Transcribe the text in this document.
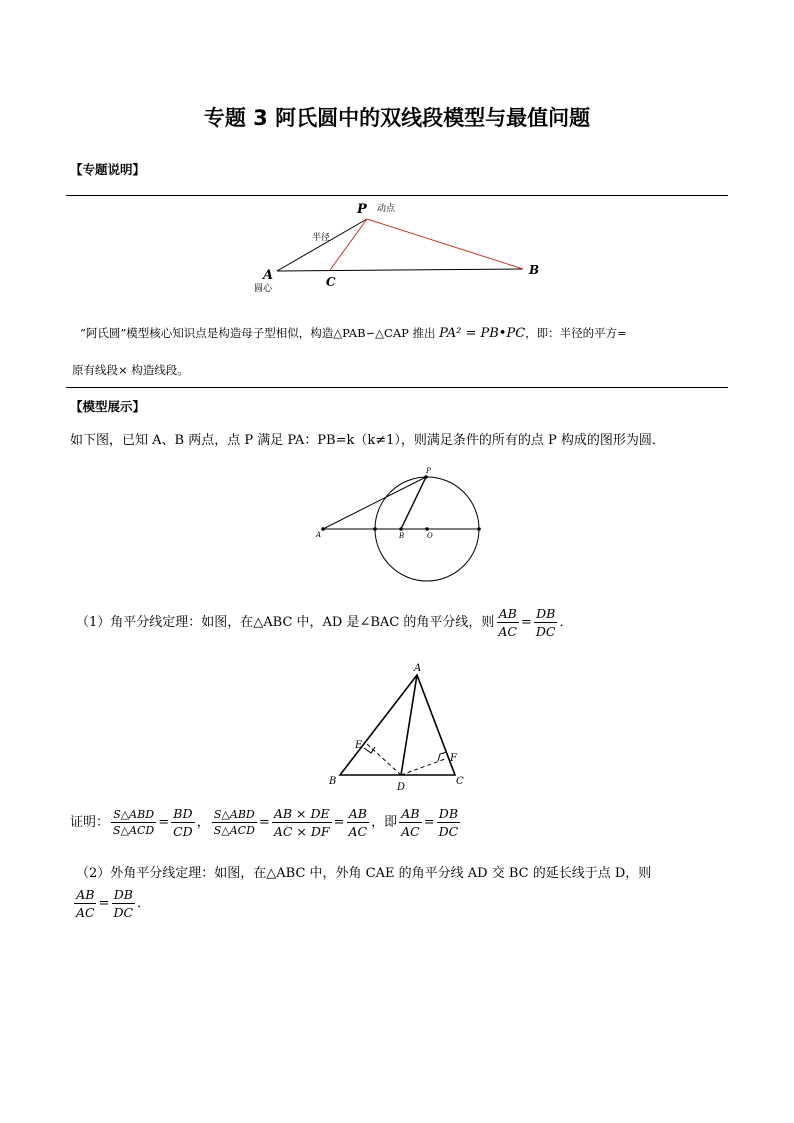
专题 3 阿氏圆中的双线段模型与最值问题
【专题说明】
P 动点
半径
A
圆心
B
C
“阿氏圆”模型核心知识点是构造母子型相似，构造△PAB∽△CAP 推出 PA² = PB•PC，即：半径的平方=
原有线段× 构造线段。
【模型展示】
如下图，已知 A、B 两点，点 P 满足 PA：PB=k（k≠1），则满足条件的所有的点 P 构成的图形为圆．
P
A	B	O
（1）角平分线定理：如图，在△ABC 中，AD 是∠BAC 的角平分线，则 $\frac{AB}{AC} = \frac{DB}{DC}$ ．
A
B	C
D
E
F
证明： $\frac{\text{S△ABD}}{\text{S△ACD}} = \frac{BD}{CD}$ ， $\frac{\text{S△ABD}}{\text{S△ACD}} = \frac{AB \times DE}{AC \times DF} = \frac{AB}{AC}$ ，即 $\frac{AB}{AC} = \frac{DB}{DC}$
（2）外角平分线定理：如图，在△ABC 中，外角 CAE 的角平分线 AD 交 BC 的延长线于点 D，则
$\frac{AB}{AC} = \frac{DB}{DC}$ ．
